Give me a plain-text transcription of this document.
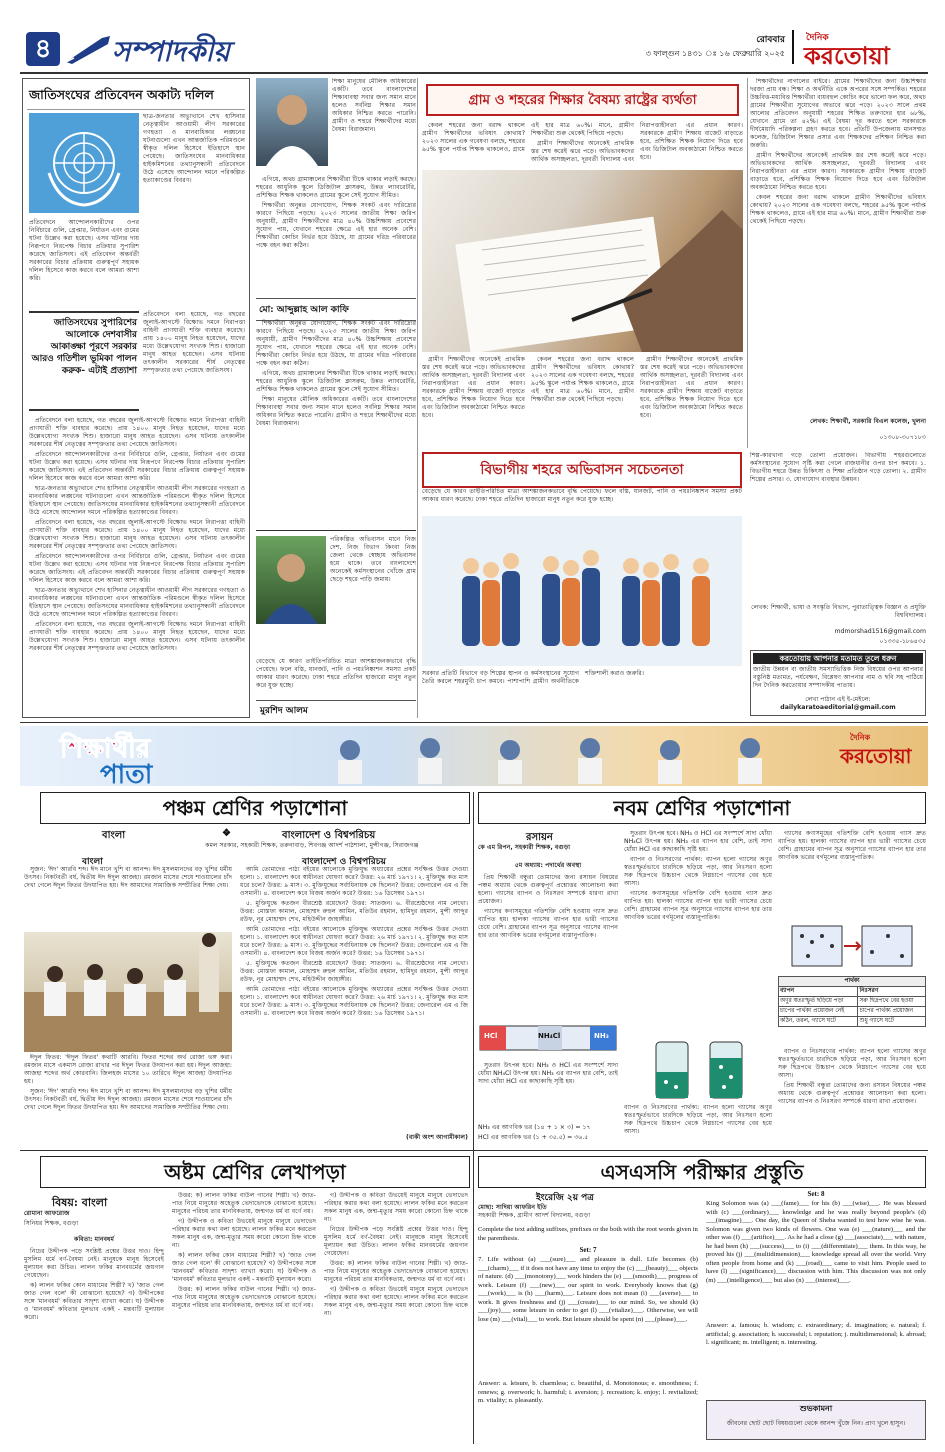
৪	সম্পাদকীয়	রোববার
৩ ফাল্গুন ১৪৩১ ঃ ১৬ ফেব্রুয়ারি ২০২৫
দৈনিক
করতোয়া
জাতিসংঘের প্রতিবেদন অকাট্য দলিল
ছাত্র-জনতার অভ্যুত্থানে শেখ হাসিনার নেতৃত্বাধীন আওয়ামী লীগ সরকারের গণহত্যা ও মানবাধিকার লঙ্ঘনের ঘটনাগুলো এখন আন্তর্জাতিক পরিমণ্ডলে স্বীকৃত দলিল হিসেবে ইতিহাসে স্থান পেয়েছে। জাতিসংঘের মানবাধিকার হাইকমিশনের তথ্যানুসন্ধানী প্রতিবেদনে উঠে এসেছে আন্দোলন দমনে পরিকল্পিত হত্যাকাণ্ডের বিবরণ।
প্রতিবেদনে আন্দোলনকারীদের ওপর নির্বিচারে গুলি, গ্রেপ্তার, নির্যাতন এবং গুমের ঘটনা উল্লেখ করা হয়েছে। এসব ঘটনার দায় নিরূপণে নিরপেক্ষ বিচার প্রক্রিয়ার সুপারিশ করেছে জাতিসংঘ। এই প্রতিবেদন অন্তর্বর্তী সরকারের বিচার প্রক্রিয়ায় গুরুত্বপূর্ণ সহায়ক দলিল হিসেবে কাজ করবে বলে আমরা আশা করি।
জাতিসংঘের সুপারিশের আলোকে দেশবাসীর আকাঙ্ক্ষা পূরণে সরকার আরও গতিশীল ভূমিকা পালন করুক- এটাই প্রত্যাশা
প্রতিবেদনে বলা হয়েছে, গত বছরের জুলাই-আগস্টে বিক্ষোভ দমনে নিরাপত্তা বাহিনী প্রাণঘাতী শক্তি ব্যবহার করেছে। প্রায় ১৪০০ মানুষ নিহত হয়েছেন, যাদের মধ্যে উল্লেখযোগ্য সংখ্যক শিশু। হাজারো মানুষ আহত হয়েছেন। এসব ঘটনায় তৎকালীন সরকারের শীর্ষ নেতৃত্বের সম্পৃক্ততার তথ্য পেয়েছে জাতিসংঘ।

প্রতিবেদনে বলা হয়েছে, গত বছরের জুলাই-আগস্টে বিক্ষোভ দমনে নিরাপত্তা বাহিনী প্রাণঘাতী শক্তি ব্যবহার করেছে। প্রায় ১৪০০ মানুষ নিহত হয়েছেন, যাদের মধ্যে উল্লেখযোগ্য সংখ্যক শিশু। হাজারো মানুষ আহত হয়েছেন। এসব ঘটনায় তৎকালীন সরকারের শীর্ষ নেতৃত্বের সম্পৃক্ততার তথ্য পেয়েছে জাতিসংঘ।

প্রতিবেদনে আন্দোলনকারীদের ওপর নির্বিচারে গুলি, গ্রেপ্তার, নির্যাতন এবং গুমের ঘটনা উল্লেখ করা হয়েছে। এসব ঘটনার দায় নিরূপণে নিরপেক্ষ বিচার প্রক্রিয়ার সুপারিশ করেছে জাতিসংঘ। এই প্রতিবেদন অন্তর্বর্তী সরকারের বিচার প্রক্রিয়ায় গুরুত্বপূর্ণ সহায়ক দলিল হিসেবে কাজ করবে বলে আমরা আশা করি।

ছাত্র-জনতার অভ্যুত্থানে শেখ হাসিনার নেতৃত্বাধীন আওয়ামী লীগ সরকারের গণহত্যা ও মানবাধিকার লঙ্ঘনের ঘটনাগুলো এখন আন্তর্জাতিক পরিমণ্ডলে স্বীকৃত দলিল হিসেবে ইতিহাসে স্থান পেয়েছে। জাতিসংঘের মানবাধিকার হাইকমিশনের তথ্যানুসন্ধানী প্রতিবেদনে উঠে এসেছে আন্দোলন দমনে পরিকল্পিত হত্যাকাণ্ডের বিবরণ।

প্রতিবেদনে বলা হয়েছে, গত বছরের জুলাই-আগস্টে বিক্ষোভ দমনে নিরাপত্তা বাহিনী প্রাণঘাতী শক্তি ব্যবহার করেছে। প্রায় ১৪০০ মানুষ নিহত হয়েছেন, যাদের মধ্যে উল্লেখযোগ্য সংখ্যক শিশু। হাজারো মানুষ আহত হয়েছেন। এসব ঘটনায় তৎকালীন সরকারের শীর্ষ নেতৃত্বের সম্পৃক্ততার তথ্য পেয়েছে জাতিসংঘ।

প্রতিবেদনে আন্দোলনকারীদের ওপর নির্বিচারে গুলি, গ্রেপ্তার, নির্যাতন এবং গুমের ঘটনা উল্লেখ করা হয়েছে। এসব ঘটনার দায় নিরূপণে নিরপেক্ষ বিচার প্রক্রিয়ার সুপারিশ করেছে জাতিসংঘ। এই প্রতিবেদন অন্তর্বর্তী সরকারের বিচার প্রক্রিয়ায় গুরুত্বপূর্ণ সহায়ক দলিল হিসেবে কাজ করবে বলে আমরা আশা করি।

ছাত্র-জনতার অভ্যুত্থানে শেখ হাসিনার নেতৃত্বাধীন আওয়ামী লীগ সরকারের গণহত্যা ও মানবাধিকার লঙ্ঘনের ঘটনাগুলো এখন আন্তর্জাতিক পরিমণ্ডলে স্বীকৃত দলিল হিসেবে ইতিহাসে স্থান পেয়েছে। জাতিসংঘের মানবাধিকার হাইকমিশনের তথ্যানুসন্ধানী প্রতিবেদনে উঠে এসেছে আন্দোলন দমনে পরিকল্পিত হত্যাকাণ্ডের বিবরণ।

প্রতিবেদনে বলা হয়েছে, গত বছরের জুলাই-আগস্টে বিক্ষোভ দমনে নিরাপত্তা বাহিনী প্রাণঘাতী শক্তি ব্যবহার করেছে। প্রায় ১৪০০ মানুষ নিহত হয়েছেন, যাদের মধ্যে উল্লেখযোগ্য সংখ্যক শিশু। হাজারো মানুষ আহত হয়েছেন। এসব ঘটনায় তৎকালীন সরকারের শীর্ষ নেতৃত্বের সম্পৃক্ততার তথ্য পেয়েছে জাতিসংঘ।

শিক্ষা মানুষের মৌলিক অধিকারের একটি। তবে বাংলাদেশের শিক্ষাব্যবস্থা সবার জন্য সমান মানে হলেও সর্বনিম্ন শিক্ষার সমান অধিকার নিশ্চিত করতে পারেনি। গ্রামীণ ও শহুরে শিক্ষার্থীদের মধ্যে বৈষম্য বিরাজমান।

এগিয়ে, অথচ গ্রামাঞ্চলের শিক্ষার্থীরা টিকে থাকার লড়াই করছে। শহরের আধুনিক স্কুলে ডিজিটাল ক্লাসরুম, উন্নত ল্যাবরেটরি, প্রশিক্ষিত শিক্ষক থাকলেও গ্রামের স্কুলে সেই সুযোগ সীমিত।

শিক্ষার্থীরা অনুন্নত যোগাযোগ, শিক্ষক সংকট এবং দারিদ্র্যের কারণে পিছিয়ে পড়ছে। ২০২৩ সালের জাতীয় শিক্ষা জরিপ অনুযায়ী, গ্রামীণ শিক্ষার্থীদের মাত্র ৪০% উচ্চশিক্ষায় প্রবেশের সুযোগ পায়, যেখানে শহরের ক্ষেত্রে এই হার অনেক বেশি। শিক্ষার্থীরা কোচিং নির্ভর হয়ে উঠছে, যা গ্রামের দরিদ্র পরিবারের পক্ষে বহন করা কঠিন।

মো: আব্দুল্লাহ আল কাফি

শিক্ষার্থীরা অনুন্নত যোগাযোগ, শিক্ষক সংকট এবং দারিদ্র্যের কারণে পিছিয়ে পড়ছে। ২০২৩ সালের জাতীয় শিক্ষা জরিপ অনুযায়ী, গ্রামীণ শিক্ষার্থীদের মাত্র ৪০% উচ্চশিক্ষায় প্রবেশের সুযোগ পায়, যেখানে শহরের ক্ষেত্রে এই হার অনেক বেশি। শিক্ষার্থীরা কোচিং নির্ভর হয়ে উঠছে, যা গ্রামের দরিদ্র পরিবারের পক্ষে বহন করা কঠিন।

এগিয়ে, অথচ গ্রামাঞ্চলের শিক্ষার্থীরা টিকে থাকার লড়াই করছে। শহরের আধুনিক স্কুলে ডিজিটাল ক্লাসরুম, উন্নত ল্যাবরেটরি, প্রশিক্ষিত শিক্ষক থাকলেও গ্রামের স্কুলে সেই সুযোগ সীমিত।

শিক্ষা মানুষের মৌলিক অধিকারের একটি। তবে বাংলাদেশের শিক্ষাব্যবস্থা সবার জন্য সমান মানে হলেও সর্বনিম্ন শিক্ষার সমান অধিকার নিশ্চিত করতে পারেনি। গ্রামীণ ও শহুরে শিক্ষার্থীদের মধ্যে বৈষম্য বিরাজমান।

পরিকল্পিত অভিবাসন মানে নিজ দেশ, নিজ বিভাগ কিংবা নিজ জেলা থেকে স্বেচ্ছায় অভিবাসন হয়ে থাকে। তবে বাংলাদেশে অনেকেই কর্মসংস্থানের খোঁজে গ্রাম ছেড়ে শহরে পাড়ি জমায়।
বেড়েছে যে কারণ তাইতিপরিচিত মাত্রা আশঙ্কাজনকভাবে বৃদ্ধি পেয়েছে। ফলে বস্তি, যানজট, পানি ও পয়ঃনিষ্কাশন সমস্যা প্রকট আকার ধারণ করেছে। ঢাকা শহরে প্রতিদিন হাজারো মানুষ নতুন করে যুক্ত হচ্ছে।
মুরশিদ আলম
গ্রাম ও শহরের শিক্ষার বৈষম্য রাষ্ট্রের ব্যর্থতা

কেবল শহরের জন্য বরাদ্দ থাকলে গ্রামীণ শিক্ষার্থীদের ভবিষ্যৎ কোথায়? ২০২৩ সালের এক গবেষণা বলছে, শহরের ৯৫% স্কুলে পর্যাপ্ত শিক্ষক থাকলেও, গ্রামে এই হার মাত্র ৬০%। মানে, গ্রামীণ শিক্ষার্থীরা শুরু থেকেই পিছিয়ে পড়ছে।

গ্রামীণ শিক্ষার্থীদের অনেকেই প্রাথমিক স্তর শেষ করেই ঝরে পড়ে। অভিভাবকদের আর্থিক অসচ্ছলতা, দূরবর্তী বিদ্যালয় এবং নিরাপত্তাহীনতা এর প্রধান কারণ। সরকারকে গ্রামীণ শিক্ষায় বাজেট বাড়াতে হবে, প্রশিক্ষিত শিক্ষক নিয়োগ দিতে হবে এবং ডিজিটাল অবকাঠামো নিশ্চিত করতে হবে।

গ্রামীণ শিক্ষার্থীদের অনেকেই প্রাথমিক স্তর শেষ করেই ঝরে পড়ে। অভিভাবকদের আর্থিক অসচ্ছলতা, দূরবর্তী বিদ্যালয় এবং নিরাপত্তাহীনতা এর প্রধান কারণ। সরকারকে গ্রামীণ শিক্ষায় বাজেট বাড়াতে হবে, প্রশিক্ষিত শিক্ষক নিয়োগ দিতে হবে এবং ডিজিটাল অবকাঠামো নিশ্চিত করতে হবে।

কেবল শহরের জন্য বরাদ্দ থাকলে গ্রামীণ শিক্ষার্থীদের ভবিষ্যৎ কোথায়? ২০২৩ সালের এক গবেষণা বলছে, শহরের ৯৫% স্কুলে পর্যাপ্ত শিক্ষক থাকলেও, গ্রামে এই হার মাত্র ৬০%। মানে, গ্রামীণ শিক্ষার্থীরা শুরু থেকেই পিছিয়ে পড়ছে।

গ্রামীণ শিক্ষার্থীদের অনেকেই প্রাথমিক স্তর শেষ করেই ঝরে পড়ে। অভিভাবকদের আর্থিক অসচ্ছলতা, দূরবর্তী বিদ্যালয় এবং নিরাপত্তাহীনতা এর প্রধান কারণ। সরকারকে গ্রামীণ শিক্ষায় বাজেট বাড়াতে হবে, প্রশিক্ষিত শিক্ষক নিয়োগ দিতে হবে এবং ডিজিটাল অবকাঠামো নিশ্চিত করতে হবে।

শিক্ষার্থীদের নাগালের বাইরে। গ্রামের শিক্ষার্থীদের জন্য উচ্চশিক্ষার দরজা প্রায় বন্ধ। শিক্ষা ও অর্থনীতি একে অপরের সঙ্গে সম্পর্কিত। শহরের উচ্চবিত্ত-মধ্যবিত্ত শিক্ষার্থীরা ব্যয়বহুল কোচিং করে ভালো ফল করে, অথচ গ্রামের শিক্ষার্থীরা সুযোগের অভাবে ঝরে পড়ে। ২০২৩ সালে প্রথম আলোর প্রতিবেদন অনুযায়ী শহরের শিক্ষিত তরুণদের হার ৬৮%, যেখানে গ্রামে তা ৪২%। এই বৈষম্য দূর করতে হলে সরকারকে দীর্ঘমেয়াদি পরিকল্পনা গ্রহণ করতে হবে। প্রতিটি উপজেলায় মানসম্মত কলেজ, ডিজিটাল শিক্ষার প্রসার এবং শিক্ষকদের প্রশিক্ষণ নিশ্চিত করা জরুরি।

গ্রামীণ শিক্ষার্থীদের অনেকেই প্রাথমিক স্তর শেষ করেই ঝরে পড়ে। অভিভাবকদের আর্থিক অসচ্ছলতা, দূরবর্তী বিদ্যালয় এবং নিরাপত্তাহীনতা এর প্রধান কারণ। সরকারকে গ্রামীণ শিক্ষায় বাজেট বাড়াতে হবে, প্রশিক্ষিত শিক্ষক নিয়োগ দিতে হবে এবং ডিজিটাল অবকাঠামো নিশ্চিত করতে হবে।

কেবল শহরের জন্য বরাদ্দ থাকলে গ্রামীণ শিক্ষার্থীদের ভবিষ্যৎ কোথায়? ২০২৩ সালের এক গবেষণা বলছে, শহরের ৯৫% স্কুলে পর্যাপ্ত শিক্ষক থাকলেও, গ্রামে এই হার মাত্র ৬০%। মানে, গ্রামীণ শিক্ষার্থীরা শুরু থেকেই পিছিয়ে পড়ছে।

লেখক: শিক্ষার্থী, সরকারি বিএল কলেজ, খুলনা
০১৩০৮-৩০৭১৮৩
বিভাগীয় শহরে অভিবাসন সচেতনতা
বেড়েছে যে কারণ তাইতিপরিচিত মাত্রা আশঙ্কাজনকভাবে বৃদ্ধি পেয়েছে। ফলে বস্তি, যানজট, পানি ও পয়ঃনিষ্কাশন সমস্যা প্রকট আকার ধারণ করেছে। ঢাকা শহরে প্রতিদিন হাজারো মানুষ নতুন করে যুক্ত হচ্ছে।
সরকার প্রতিটি বিভাগে বড় শিল্পের স্থাপন ও কর্মসংস্থানের সুযোগ তৈরি করলে শহরমুখী চাপ কমবে। পাশাপাশি গ্রামীণ অর্থনীতিকে শক্তিশালী করাও জরুরি।
শিল্প-কারখানা গড়ে তোলা প্রয়োজন। বিভাগীয় শহরগুলোতে কর্মসংস্থানের সুযোগ সৃষ্টি করা গেলে রাজধানীর ওপর চাপ কমবে। ১. বিভাগীয় শহরে উন্নত চিকিৎসা ও শিক্ষা প্রতিষ্ঠান গড়ে তোলা। ২. গ্রামীণ শিল্পের প্রসার। ৩. যোগাযোগ ব্যবস্থার উন্নয়ন।
লেখক: শিক্ষার্থী, ভাষা ও সংস্কৃতি বিভাগ, পুরাতাত্ত্বিক বিজ্ঞান ও প্রযুক্তি বিশ্ববিদ্যালয়।
mdmorshad1516@gmail.com
০১৩৩৫-১৮৬৪৩৫
করতোয়ায় আপনার মতামত তুলে ধরুন
জাতীয় উন্নয়ন বা জাতীয় সমস্যাভিত্তিক নিজ বিষয়ের ওপর আপনার বস্তুনিষ্ঠ মতামত, পর্যবেক্ষণ, বিশ্লেষণ আপনার নাম ও ছবি সহ পাঠিয়ে দিন দৈনিক করতোয়ার সম্পাদকীয় পাতায়।
লেখা পাঠান এই ই-মেইলে:
dailykaratoaeditorial@gmail.com
শিক্ষার্থীর
পাতা
দৈনিক
করতোয়া
পঞ্চম শ্রেণির পড়াশোনা
বাংলা	❖	বাংলাদেশ ও বিশ্বপরিচয়
কমল সরকার, সহকারী শিক্ষক, তরুনাবাড়, শিবগঞ্জ আদর্শ পাঠশালা, মুন্সীগঞ্জ, সিরাজগঞ্জ
বাংলা	বাংলাদেশ ও বিশ্বপরিচয়

সুজন: 'ঈদ' আরবি শব্দ। ঈদ মানে খুশি বা আনন্দ। ঈদ মুসলমানদের বড় খুশির ধর্মীয় উৎসব। নিকটবর্তী বর্ষ, দ্বিতীয় ঈদ ঈদুল আজহা। রমজান মাসের শেষে শাওয়ালের চাঁদ দেখা গেলে ঈদুল ফিতর উদযাপিত হয়। ঈদ আমাদের সামাজিক সম্প্রীতির শিক্ষা দেয়।

ঈদুল ফিতর: 'ঈদুল ফিতর' কথাটি আরবি। ফিতর শব্দের অর্থ রোজা ভঙ্গ করা। রমজান মাসে একমাস রোজা রাখার পর ঈদুল ফিতর উদযাপন করা হয়। ঈদুল আজহা: আজহা শব্দের অর্থ কোরবানি। জিলহজ মাসের ১০ তারিখে ঈদুল আজহা উদযাপিত হয়।

সুজন: 'ঈদ' আরবি শব্দ। ঈদ মানে খুশি বা আনন্দ। ঈদ মুসলমানদের বড় খুশির ধর্মীয় উৎসব। নিকটবর্তী বর্ষ, দ্বিতীয় ঈদ ঈদুল আজহা। রমজান মাসের শেষে শাওয়ালের চাঁদ দেখা গেলে ঈদুল ফিতর উদযাপিত হয়। ঈদ আমাদের সামাজিক সম্প্রীতির শিক্ষা দেয়।

আমি তোমাদের পাঠ্য বইয়ের আলোকে মুক্তিযুদ্ধ অধ্যায়ের প্রশ্নের সংক্ষিপ্ত উত্তর দেওয়া হলো। ১. বাংলাদেশ কবে স্বাধীনতা ঘোষণা করে? উত্তর: ২৬ মার্চ ১৯৭১। ২. মুক্তিযুদ্ধ কত মাস ধরে চলে? উত্তর: ৯ মাস। ৩. মুক্তিযুদ্ধের সর্বাধিনায়ক কে ছিলেন? উত্তর: জেনারেল এম এ জি ওসমানী। ৪. বাংলাদেশ কবে বিজয় অর্জন করে? উত্তর: ১৬ ডিসেম্বর ১৯৭১।

৫. মুক্তিযুদ্ধে কতজন বীরশ্রেষ্ঠ রয়েছেন? উত্তর: সাতজন। ৬. বীরশ্রেষ্ঠদের নাম লেখো। উত্তর: মোস্তফা কামাল, মোহাম্মদ রুহুল আমিন, মতিউর রহমান, হামিদুর রহমান, মুন্সী আব্দুর রউফ, নূর মোহাম্মদ শেখ, মহিউদ্দীন জাহাঙ্গীর।

আমি তোমাদের পাঠ্য বইয়ের আলোকে মুক্তিযুদ্ধ অধ্যায়ের প্রশ্নের সংক্ষিপ্ত উত্তর দেওয়া হলো। ১. বাংলাদেশ কবে স্বাধীনতা ঘোষণা করে? উত্তর: ২৬ মার্চ ১৯৭১। ২. মুক্তিযুদ্ধ কত মাস ধরে চলে? উত্তর: ৯ মাস। ৩. মুক্তিযুদ্ধের সর্বাধিনায়ক কে ছিলেন? উত্তর: জেনারেল এম এ জি ওসমানী। ৪. বাংলাদেশ কবে বিজয় অর্জন করে? উত্তর: ১৬ ডিসেম্বর ১৯৭১।

৫. মুক্তিযুদ্ধে কতজন বীরশ্রেষ্ঠ রয়েছেন? উত্তর: সাতজন। ৬. বীরশ্রেষ্ঠদের নাম লেখো। উত্তর: মোস্তফা কামাল, মোহাম্মদ রুহুল আমিন, মতিউর রহমান, হামিদুর রহমান, মুন্সী আব্দুর রউফ, নূর মোহাম্মদ শেখ, মহিউদ্দীন জাহাঙ্গীর।

আমি তোমাদের পাঠ্য বইয়ের আলোকে মুক্তিযুদ্ধ অধ্যায়ের প্রশ্নের সংক্ষিপ্ত উত্তর দেওয়া হলো। ১. বাংলাদেশ কবে স্বাধীনতা ঘোষণা করে? উত্তর: ২৬ মার্চ ১৯৭১। ২. মুক্তিযুদ্ধ কত মাস ধরে চলে? উত্তর: ৯ মাস। ৩. মুক্তিযুদ্ধের সর্বাধিনায়ক কে ছিলেন? উত্তর: জেনারেল এম এ জি ওসমানী। ৪. বাংলাদেশ কবে বিজয় অর্জন করে? উত্তর: ১৬ ডিসেম্বর ১৯৭১।

(বাকী অংশ আগামীকাল)
নবম শ্রেণির পড়াশোনা
রসায়ন
কে এম রিপন, সহকারী শিক্ষক, বগুড়া
৫ম অধ্যায়: পদার্থের অবস্থা

প্রিয় শিক্ষার্থী বন্ধুরা তোমাদের জন্য রসায়ন বিষয়ের পঞ্চম অধ্যায় থেকে গুরুত্বপূর্ণ প্রশ্নোত্তর আলোচনা করা হলো। গ্যাসের ব্যাপন ও নিঃসরণ সম্পর্কে ধারণা রাখা প্রয়োজন।

গ্যাসের কণাসমূহের গতিশক্তি বেশি হওয়ায় গ্যাস দ্রুত ব্যাপিত হয়। হালকা গ্যাসের ব্যাপন হার ভারী গ্যাসের চেয়ে বেশি। গ্রাহামের ব্যাপন সূত্র অনুসারে গ্যাসের ব্যাপন হার তার আণবিক ভরের বর্গমূলের ব্যস্তানুপাতিক।

HCl	NH₄Cl	NH₃

সুতরাং উৎপন্ন হবে। NH₃ ও HCl এর সংস্পর্শে সাদা ধোঁয়া NH₄Cl উৎপন্ন হয়। NH₃ এর ব্যাপন হার বেশি, তাই সাদা ধোঁয়া HCl এর কাছাকাছি সৃষ্টি হয়।

NH₃ এর আণবিক ভর (১৪ + ১ × ৩) = ১৭
HCl এর আণবিক ভর (১ + ৩৫.৫) = ৩৬.৫

সুতরাং উৎপন্ন হবে। NH₃ ও HCl এর সংস্পর্শে সাদা ধোঁয়া NH₄Cl উৎপন্ন হয়। NH₃ এর ব্যাপন হার বেশি, তাই সাদা ধোঁয়া HCl এর কাছাকাছি সৃষ্টি হয়।

ব্যাপন ও নিঃসরণের পার্থক্য: ব্যাপন হলো গ্যাসের অণুর স্বতঃস্ফূর্তভাবে চারদিকে ছড়িয়ে পড়া, আর নিঃসরণ হলো সরু ছিদ্রপথে উচ্চচাপ থেকে নিম্নচাপে গ্যাসের বের হয়ে আসা।

গ্যাসের কণাসমূহের গতিশক্তি বেশি হওয়ায় গ্যাস দ্রুত ব্যাপিত হয়। হালকা গ্যাসের ব্যাপন হার ভারী গ্যাসের চেয়ে বেশি। গ্রাহামের ব্যাপন সূত্র অনুসারে গ্যাসের ব্যাপন হার তার আণবিক ভরের বর্গমূলের ব্যস্তানুপাতিক।

ব্যাপন ও নিঃসরণের পার্থক্য: ব্যাপন হলো গ্যাসের অণুর স্বতঃস্ফূর্তভাবে চারদিকে ছড়িয়ে পড়া, আর নিঃসরণ হলো সরু ছিদ্রপথে উচ্চচাপ থেকে নিম্নচাপে গ্যাসের বের হয়ে আসা।

গ্যাসের কণাসমূহের গতিশক্তি বেশি হওয়ায় গ্যাস দ্রুত ব্যাপিত হয়। হালকা গ্যাসের ব্যাপন হার ভারী গ্যাসের চেয়ে বেশি। গ্রাহামের ব্যাপন সূত্র অনুসারে গ্যাসের ব্যাপন হার তার আণবিক ভরের বর্গমূলের ব্যস্তানুপাতিক।

পার্থক্য	
ব্যাপন	নিঃসরণ
অণুর স্বতঃস্ফূর্ত ছড়িয়ে পড়া	সরু ছিদ্রপথে বের হওয়া
চাপের পার্থক্য প্রয়োজন নেই	চাপের পার্থক্য প্রয়োজন
কঠিন, তরল, গ্যাসে ঘটে	শুধু গ্যাসে ঘটে

ব্যাপন ও নিঃসরণের পার্থক্য: ব্যাপন হলো গ্যাসের অণুর স্বতঃস্ফূর্তভাবে চারদিকে ছড়িয়ে পড়া, আর নিঃসরণ হলো সরু ছিদ্রপথে উচ্চচাপ থেকে নিম্নচাপে গ্যাসের বের হয়ে আসা।

প্রিয় শিক্ষার্থী বন্ধুরা তোমাদের জন্য রসায়ন বিষয়ের পঞ্চম অধ্যায় থেকে গুরুত্বপূর্ণ প্রশ্নোত্তর আলোচনা করা হলো। গ্যাসের ব্যাপন ও নিঃসরণ সম্পর্কে ধারণা রাখা প্রয়োজন।

অষ্টম শ্রেণির লেখাপড়া
বিষয়: বাংলা
রোমানা আফরোজ
সিনিয়র শিক্ষক, বগুড়া
কবিতা: মানবধর্ম

নিচের উদ্দীপক পড়ে সংশ্লিষ্ট প্রশ্নের উত্তর দাও। হিন্দু মুসলিম ধর্মে বর্ণ-বৈষম্য নেই। মানুষকে মানুষ হিসেবেই মূল্যায়ন করা উচিত। লালন ফকির মানবধর্মের জয়গান গেয়েছেন।

ক) লালন ফকির কোন মাধ্যমের শিল্পী? খ) 'জাত গেল জাত গেল বলে' কী বোঝানো হয়েছে? গ) উদ্দীপকের সঙ্গে 'মানবধর্ম' কবিতার সাদৃশ্য ব্যাখ্যা করো। ঘ) উদ্দীপক ও 'মানবধর্ম' কবিতার মূলভাব একই - মন্তব্যটি মূল্যায়ন করো।

উত্তর: ক) লালন ফকির বাউল গানের শিল্পী। খ) জাত-পাত নিয়ে মানুষের অহেতুক ভেদাভেদকে বোঝানো হয়েছে। মানুষের পরিচয় তার মানবিকতায়, জন্মগত ধর্ম বা বর্ণে নয়।

গ) উদ্দীপক ও কবিতা উভয়েই মানুষে মানুষে ভেদাভেদ পরিহার করার কথা বলা হয়েছে। লালন ফকির মনে করতেন সকল মানুষ এক, জন্ম-মৃত্যুর সময় কারো কোনো চিহ্ন থাকে না।

ক) লালন ফকির কোন মাধ্যমের শিল্পী? খ) 'জাত গেল জাত গেল বলে' কী বোঝানো হয়েছে? গ) উদ্দীপকের সঙ্গে 'মানবধর্ম' কবিতার সাদৃশ্য ব্যাখ্যা করো। ঘ) উদ্দীপক ও 'মানবধর্ম' কবিতার মূলভাব একই - মন্তব্যটি মূল্যায়ন করো।

উত্তর: ক) লালন ফকির বাউল গানের শিল্পী। খ) জাত-পাত নিয়ে মানুষের অহেতুক ভেদাভেদকে বোঝানো হয়েছে। মানুষের পরিচয় তার মানবিকতায়, জন্মগত ধর্ম বা বর্ণে নয়।

গ) উদ্দীপক ও কবিতা উভয়েই মানুষে মানুষে ভেদাভেদ পরিহার করার কথা বলা হয়েছে। লালন ফকির মনে করতেন সকল মানুষ এক, জন্ম-মৃত্যুর সময় কারো কোনো চিহ্ন থাকে না।

নিচের উদ্দীপক পড়ে সংশ্লিষ্ট প্রশ্নের উত্তর দাও। হিন্দু মুসলিম ধর্মে বর্ণ-বৈষম্য নেই। মানুষকে মানুষ হিসেবেই মূল্যায়ন করা উচিত। লালন ফকির মানবধর্মের জয়গান গেয়েছেন।

উত্তর: ক) লালন ফকির বাউল গানের শিল্পী। খ) জাত-পাত নিয়ে মানুষের অহেতুক ভেদাভেদকে বোঝানো হয়েছে। মানুষের পরিচয় তার মানবিকতায়, জন্মগত ধর্ম বা বর্ণে নয়।

গ) উদ্দীপক ও কবিতা উভয়েই মানুষে মানুষে ভেদাভেদ পরিহার করার কথা বলা হয়েছে। লালন ফকির মনে করতেন সকল মানুষ এক, জন্ম-মৃত্যুর সময় কারো কোনো চিহ্ন থাকে না।

এসএসসি পরীক্ষার প্রস্তুতি
ইংরেজি ২য় পত্র
মোছা: সাদিয়া আফরিন ইতি
সহকারী শিক্ষক, গ্রামীণ আদর্শ বিদ্যালয়, বগুড়া
Complete the text adding suffixes, prefixes or the both with the root words given in the parenthesis.
Set: 7
7. Life without (a) ___(sure)___ and pleasure is dull. Life becomes (b) ___(charm)___ if it does not have any time to enjoy the (c) ___(beauty)___ objects of nature. (d) ___(monotony)___ work hinders the (e) ___(smooth)___ progress of work. Leisure (f) ___(new)___ our spirit to work. Everybody knows that (g) ___(work)___ is (h) ___(harm)___. Leisure does not mean (i) ___(averse)___ to work. It gives freshness and (j) ___(create)___ to our mind. So, we should (k) ___(joy)___ some leisure in order to get (l) ___(vitalize)___. Otherwise, we will lose (m) ___(vital)___ to work. But leisure should be spent (n) ___(please)___.
Answer: a. leisure, b. charmless; c. beautiful, d. Monotonous; e. smoothness; f. renews; g. overwork; h. harmful; i. aversion; j. recreation; k. enjoy; l. revitalized; m. vitality; n. pleasantly.
Set: 8
King Solomon was (a) ___(fame)___ for his (b) ___(wise)___. He was blessed with (c) ___(ordinary)___ knowledge and he was really beyond people's (d) ___(imagine)___. One day, the Queen of Sheba wanted to test how wise he was. Solomon was given two kinds of flowers. One was (e) ___(nature)___ and the other was (f) ___(artifice)___. As he had a close (g) ___(associate)___ with nature, he had been (h) ___(success)___ to (i) ___(differentiate)___ them. In this way, he proved his (j) ___(multidimension)___ knowledge spread all over the world. Very often people from home and (k) ___(road)___ came to visit him. People used to have (l) ___(significance)___ discussion with him. This discussion was not only (m) ___(intelligence)___ but also (n) ___(interest)___.
Answer: a. famous; b. wisdom; c. extraordinary; d. imagination; e. natural; f. artificial; g. association; h. successful; i. reputation; j. multidimensional; k. abroad; l. significant; m. intelligent; n. interesting.
শুভকামনা
জীবনের ছোট ছোট বিষয়গুলো থেকে আনন্দ খুঁজে নিন। প্রাণ খুলে হাসুন।
